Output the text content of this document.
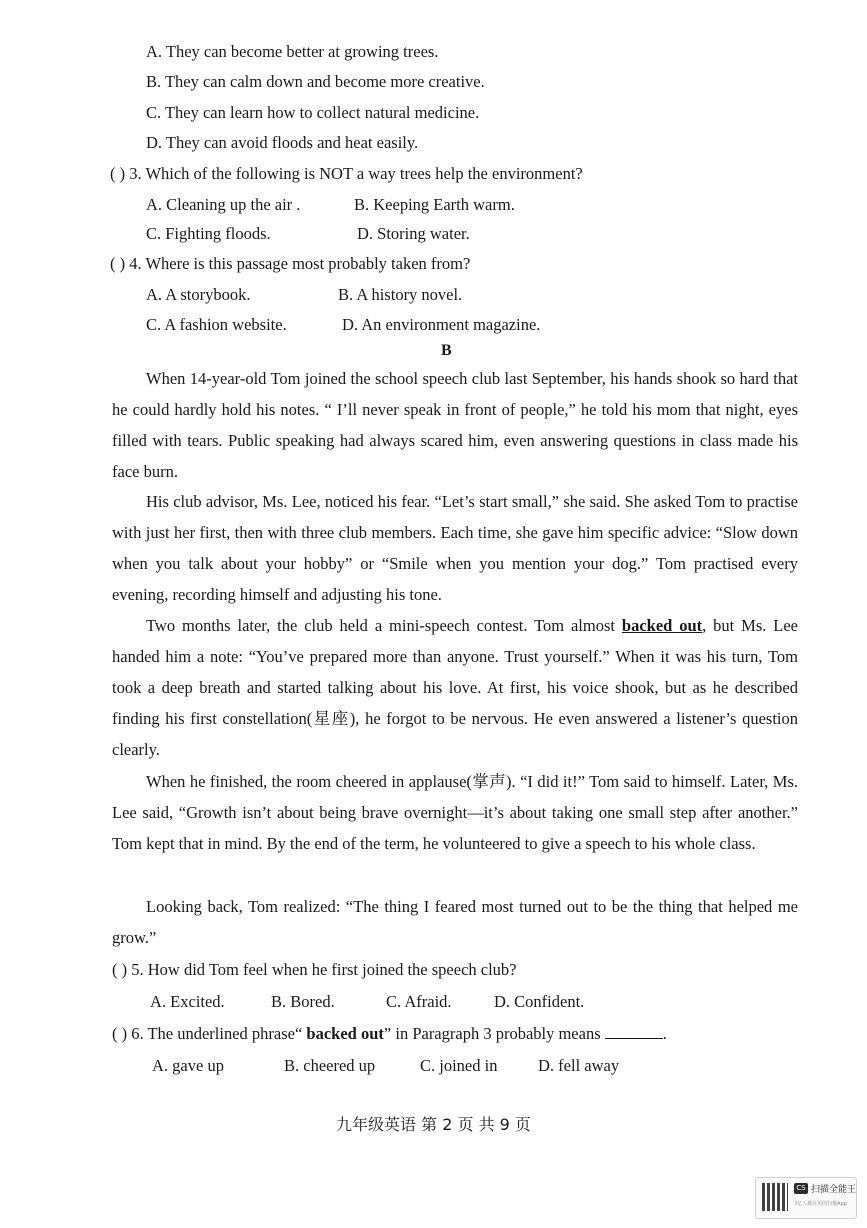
A. They can become better at growing trees.
B. They can calm down and become more creative.
C. They can learn how to collect natural medicine.
D. They can avoid floods and heat easily.
( ) 3. Which of the following is NOT a way trees help the environment?
A. Cleaning up the air .	B. Keeping Earth warm.
C. Fighting floods.	D. Storing water.
( ) 4. Where is this passage most probably taken from?
A. A storybook.	B. A history novel.
C. A fashion website.	D. An environment magazine.
B
When 14-year-old Tom joined the school speech club last September, his hands shook so hard that he could hardly hold his notes. “ I’ll never speak in front of people,” he told his mom that night, eyes filled with tears. Public speaking had always scared him, even answering questions in class made his face burn.
His club advisor, Ms. Lee, noticed his fear. “Let’s start small,” she said. She asked Tom to practise with just her first, then with three club members. Each time, she gave him specific advice: “Slow down when you talk about your hobby” or “Smile when you mention your dog.” Tom practised every evening, recording himself and adjusting his tone.
Two months later, the club held a mini-speech contest. Tom almost backed out, but Ms. Lee handed him a note: “You’ve prepared more than anyone. Trust yourself.” When it was his turn, Tom took a deep breath and started talking about his love. At first, his voice shook, but as he described finding his first constellation(星座), he forgot to be nervous. He even answered a listener’s question clearly.
When he finished, the room cheered in applause(掌声). “I did it!” Tom said to himself. Later, Ms. Lee said, “Growth isn’t about being brave overnight—it’s about taking one small step after another.” Tom kept that in mind. By the end of the term, he volunteered to give a speech to his whole class.
Looking back, Tom realized: “The thing I feared most turned out to be the thing that helped me grow.”
( ) 5. How did Tom feel when he first joined the speech club?
A. Excited.	B. Bored.	C. Afraid.	D. Confident.
( ) 6. The underlined phrase“ backed out” in Paragraph 3 probably means	.
A. gave up	B. cheered up	C. joined in D. fell away
九年级英语 第 2 页 共 9 页
CS 扫描全能王
3亿人都在用的扫描App
